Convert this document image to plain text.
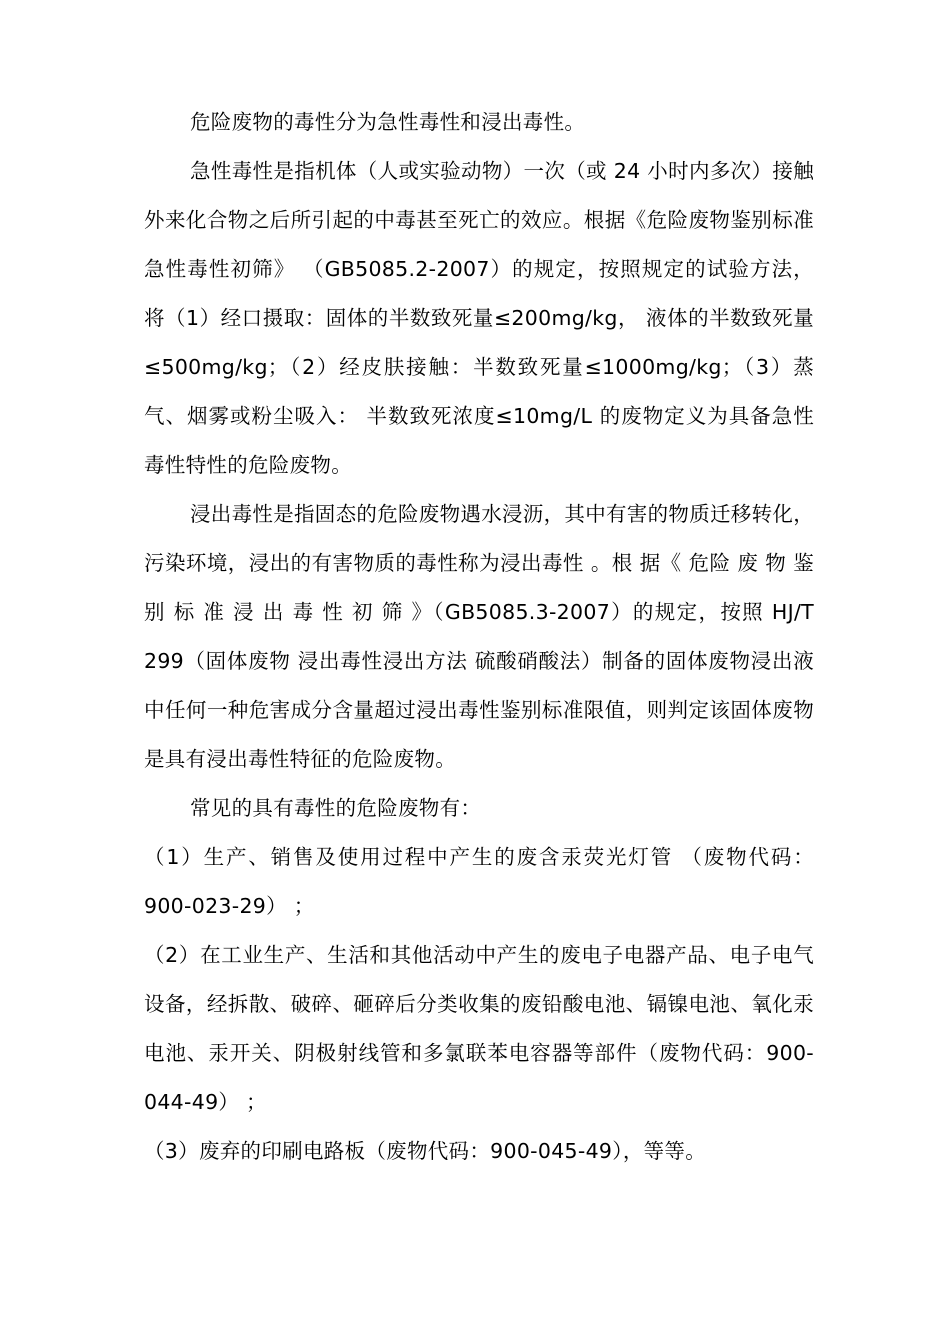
危险废物的毒性分为急性毒性和浸出毒性。

急性毒性是指机体（人或实验动物）一次（或 24 小时内多次）接触外来化合物之后所引起的中毒甚至死亡的效应。根据《危险废物鉴别标准 急性毒性初筛》 （GB5085.2-2007）的规定，按照规定的试验方法，将（1）经口摄取：固体的半数致死量≤200mg/kg， 液体的半数致死量≤500mg/kg；（2）经皮肤接触：半数致死量≤1000mg/kg；（3）蒸气、烟雾或粉尘吸入： 半数致死浓度≤10mg/L 的废物定义为具备急性毒性特性的危险废物。

浸出毒性是指固态的危险废物遇水浸沥，其中有害的物质迁移转化，污染环境，浸出的有害物质的毒性称为浸出毒性 。根 据《 危险 废 物 鉴 别 标 准 浸 出 毒 性 初 筛 》（GB5085.3-2007）的规定，按照 HJ/T 299（固体废物 浸出毒性浸出方法 硫酸硝酸法）制备的固体废物浸出液中任何一种危害成分含量超过浸出毒性鉴别标准限值，则判定该固体废物是具有浸出毒性特征的危险废物。

常见的具有毒性的危险废物有：

（1）生产、销售及使用过程中产生的废含汞荧光灯管 （废物代码：900-023-29） ；

（2）在工业生产、生活和其他活动中产生的废电子电器产品、电子电气设备，经拆散、破碎、砸碎后分类收集的废铅酸电池、镉镍电池、氧化汞电池、汞开关、阴极射线管和多氯联苯电容器等部件（废物代码：900-044-49） ；

（3）废弃的印刷电路板（废物代码：900-045-49），等等。
